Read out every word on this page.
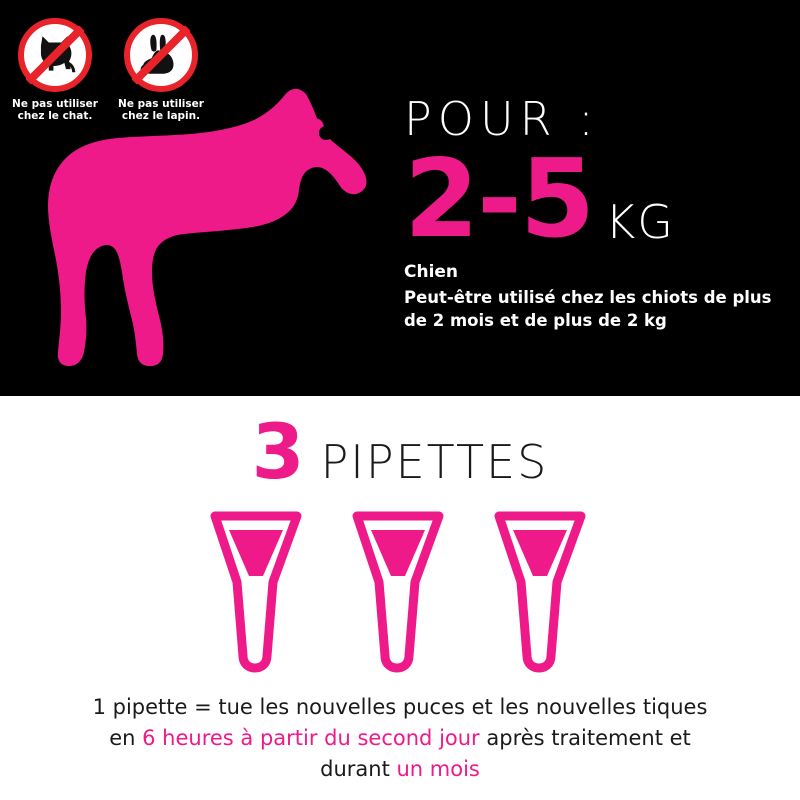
Ne pas utiliser
chez le chat.
Ne pas utiliser
chez le lapin.	POUR :
2-5 KG
Chien
Peut-être utilisé chez les chiots de plus de 2 mois et de plus de 2 kg
3 PIPETTES
1 pipette = tue les nouvelles puces et les nouvelles tiques
en 6 heures à partir du second jour après traitement et
durant un mois
